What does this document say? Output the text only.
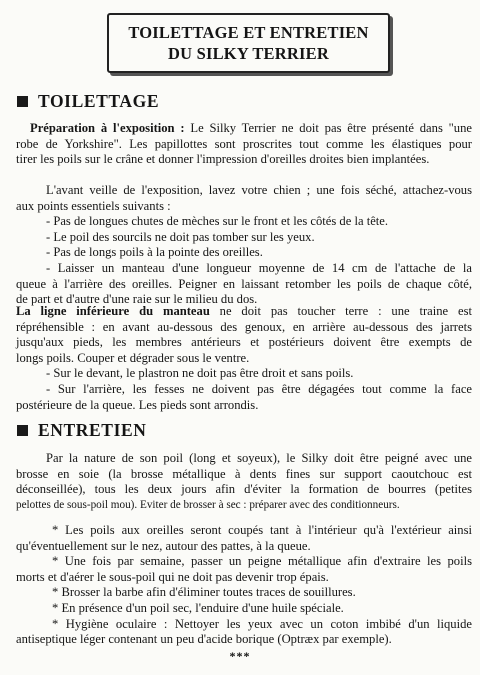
TOILETTAGE ET ENTRETIEN
DU SILKY TERRIER
TOILETTAGE
Préparation à l'exposition : Le Silky Terrier ne doit pas être présenté dans "une
robe de Yorkshire". Les papillottes sont proscrites tout comme les élastiques pour
tirer les poils sur le crâne et donner l'impression d'oreilles droites bien implantées.
L'avant veille de l'exposition, lavez votre chien ; une fois séché, attachez-vous
aux points essentiels suivants :
- Pas de longues chutes de mèches sur le front et les côtés de la tête.
- Le poil des sourcils ne doit pas tomber sur les yeux.
- Pas de longs poils à la pointe des oreilles.
- Laisser un manteau d'une longueur moyenne de 14 cm de l'attache de la
queue à l'arrière des oreilles. Peigner en laissant retomber les poils de chaque côté,
de part et d'autre d'une raie sur le milieu du dos.
La ligne inférieure du manteau ne doit pas toucher terre : une traine est
répréhensible : en avant au-dessous des genoux, en arrière au-dessous des jarrets
jusqu'aux pieds, les membres antérieurs et postérieurs doivent être exempts de
longs poils. Couper et dégrader sous le ventre.
- Sur le devant, le plastron ne doit pas être droit et sans poils.
- Sur l'arrière, les fesses ne doivent pas être dégagées tout comme la face
postérieure de la queue. Les pieds sont arrondis.
ENTRETIEN
Par la nature de son poil (long et soyeux), le Silky doit être peigné avec une
brosse en soie (la brosse métallique à dents fines sur support caoutchouc est
déconseillée), tous les deux jours afin d'éviter la formation de bourres (petites
pelottes de sous-poil mou). Eviter de brosser à sec : préparer avec des conditionneurs.
* Les poils aux oreilles seront coupés tant à l'intérieur qu'à l'extérieur ainsi
qu'éventuellement sur le nez, autour des pattes, à la queue.
* Une fois par semaine, passer un peigne métallique afin d'extraire les poils
morts et d'aérer le sous-poil qui ne doit pas devenir trop épais.
* Brosser la barbe afin d'éliminer toutes traces de souillures.
* En présence d'un poil sec, l'enduire d'une huile spéciale.
* Hygiène oculaire : Nettoyer les yeux avec un coton imbibé d'un liquide
antiseptique léger contenant un peu d'acide borique (Optræx par exemple).
***
